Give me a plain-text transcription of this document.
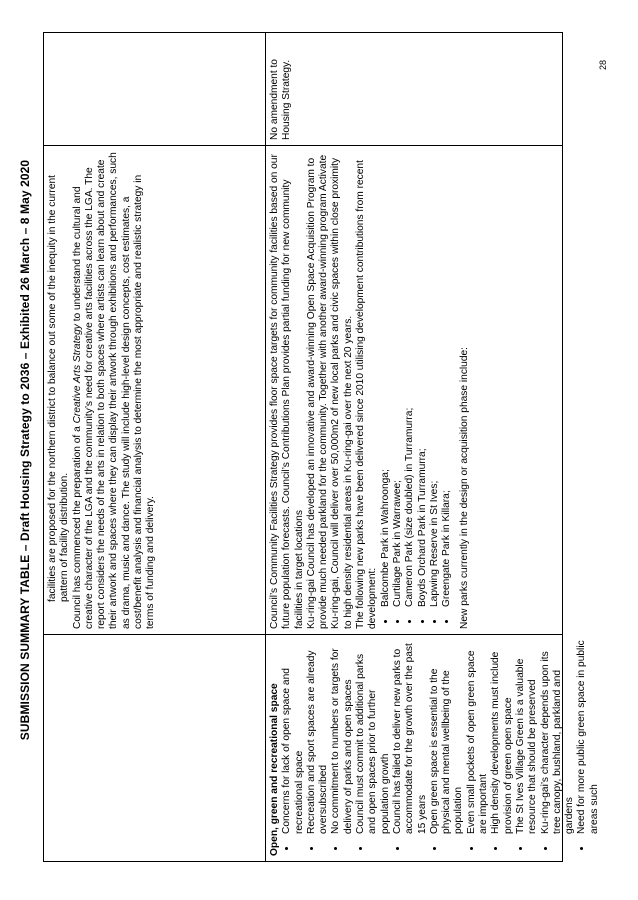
SUBMISSION SUMMARY TABLE – Draft Housing Strategy to 2036 – Exhibited 26 March – 8 May 2020 facilities are proposed for the northern district to balance out some of the inequity in the current pattern of facility distribution. Council has commenced the preparation of a Creative Arts Strategy to understand the cultural and creative character of the LGA and the community’s need for creative arts facilities across the LGA. The report considers the needs of the arts in relation to both spaces where artists can learn about and create their artwork and spaces where they can display their artwork through exhibitions and performances, such as drama, music and dance. The study will include high-level design concepts, cost estimates, a cost/benefit analysis and financial analysis to determine the most appropriate and realistic strategy in terms of funding and delivery.

Open, green and recreational space • Concerns for lack of open space and recreational space • Recreation and sport spaces are already oversubscribed • No commitment to numbers or targets for delivery of parks and open spaces • Council must commit to additional parks and open spaces prior to further population growth • Council has failed to deliver new parks to accommodate for the growth over the past 15 years • Open green space is essential to the physical and mental wellbeing of the population • Even small pockets of open green space are important • High density developments must include provision of green open space • The St Ives Village Green is a valuable resource that should be preserved • Ku-ring-gai’s character depends upon its tree canopy, bushland, parkland and gardens • Need for more public green space in public areas such

Council’s Community Facilities Strategy provides floor space targets for community facilities based on our future population forecasts. Council’s Contributions Plan provides partial funding for new community facilities in target locations Ku-ring-gai Council has developed an innovative and award-winning Open Space Acquisition Program to provide much needed parkland for the community. Together with another award-winning program Activate Ku-ring-gai, Council will deliver over 50,000m2 of new local parks and civic spaces within close proximity to high density residential areas in Ku-ring-gai over the next 20 years. The following new parks have been delivered since 2010 utilising development contributions from recent development: • Balcombe Park in Wahroonga; • Curtilage Park in Warrawee; • Cameron Park (size doubled) in Turramurra; • Boyds Orchard Park in Turramurra; • Lapwing Reserve in St Ives; • Greengate Park in Killara; New parks currently in the design or acquisition phase include:

No amendment to Housing Strategy.	28
